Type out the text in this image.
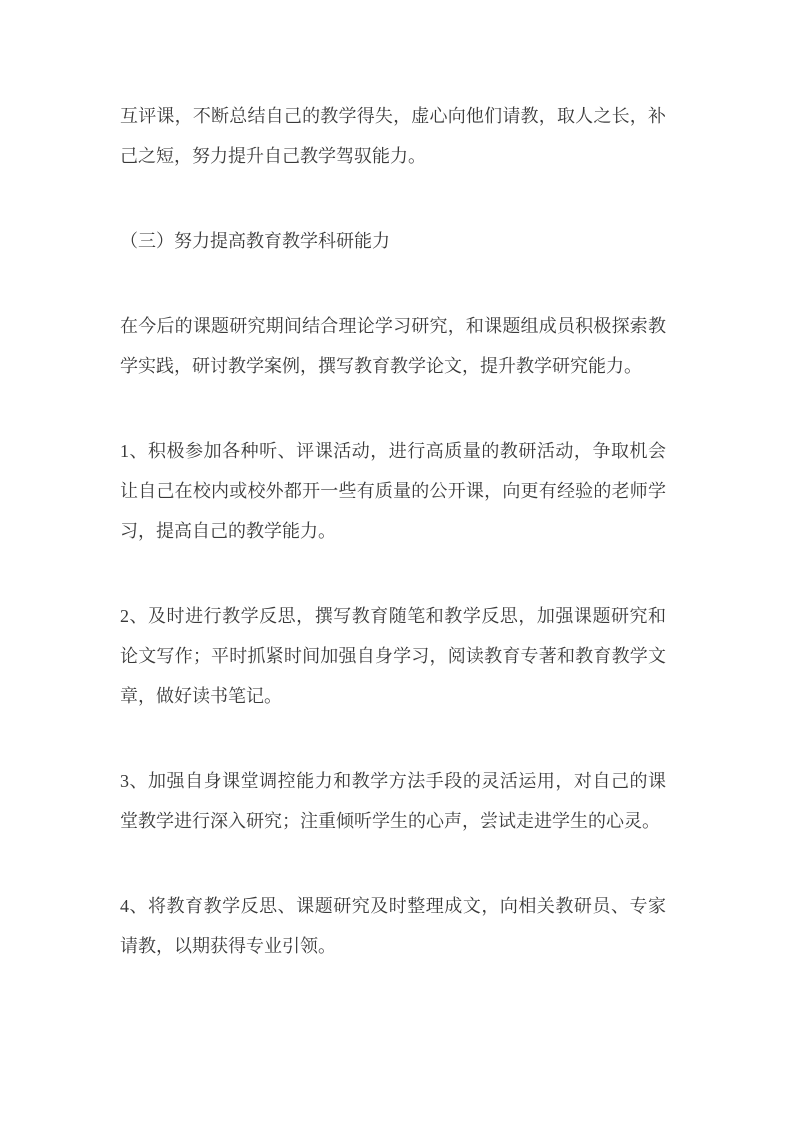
互评课，不断总结自己的教学得失，虚心向他们请教，取人之长，补己之短，努力提升自己教学驾驭能力。

（三）努力提高教育教学科研能力

在今后的课题研究期间结合理论学习研究，和课题组成员积极探索教学实践，研讨教学案例，撰写教育教学论文，提升教学研究能力。

1、积极参加各种听、评课活动，进行高质量的教研活动，争取机会让自己在校内或校外都开一些有质量的公开课，向更有经验的老师学习，提高自己的教学能力。

2、及时进行教学反思，撰写教育随笔和教学反思，加强课题研究和论文写作；平时抓紧时间加强自身学习，阅读教育专著和教育教学文章，做好读书笔记。

3、加强自身课堂调控能力和教学方法手段的灵活运用，对自己的课堂教学进行深入研究；注重倾听学生的心声，尝试走进学生的心灵。

4、将教育教学反思、课题研究及时整理成文，向相关教研员、专家请教，以期获得专业引领。
